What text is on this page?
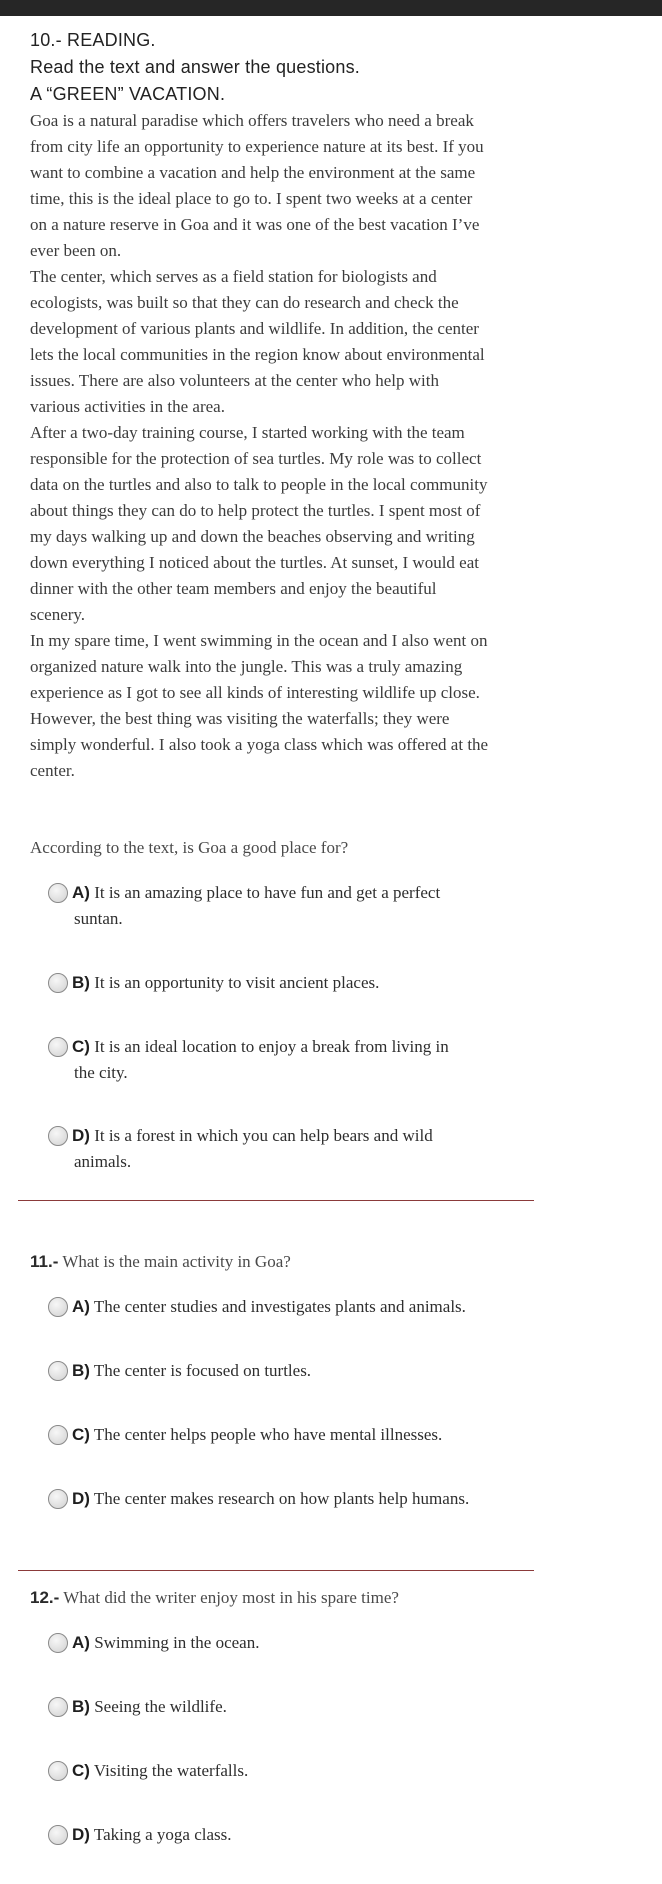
10.- READING.
Read the text and answer the questions.
A “GREEN” VACATION.

Goa is a natural paradise which offers travelers who need a break
from city life an opportunity to experience nature at its best. If you
want to combine a vacation and help the environment at the same
time, this is the ideal place to go to. I spent two weeks at a center
on a nature reserve in Goa and it was one of the best vacation I’ve
ever been on.

The center, which serves as a field station for biologists and
ecologists, was built so that they can do research and check the
development of various plants and wildlife. In addition, the center
lets the local communities in the region know about environmental
issues. There are also volunteers at the center who help with
various activities in the area.

After a two-day training course, I started working with the team
responsible for the protection of sea turtles. My role was to collect
data on the turtles and also to talk to people in the local community
about things they can do to help protect the turtles. I spent most of
my days walking up and down the beaches observing and writing
down everything I noticed about the turtles. At sunset, I would eat
dinner with the other team members and enjoy the beautiful
scenery.

In my spare time, I went swimming in the ocean and I also went on
organized nature walk into the jungle. This was a truly amazing
experience as I got to see all kinds of interesting wildlife up close.
However, the best thing was visiting the waterfalls; they were
simply wonderful. I also took a yoga class which was offered at the
center.

According to the text, is Goa a good place for?
A) It is an amazing place to have fun and get a perfect
suntan.
B) It is an opportunity to visit ancient places.
C) It is an ideal location to enjoy a break from living in
the city.
D) It is a forest in which you can help bears and wild
animals.
11.- What is the main activity in Goa?
A) The center studies and investigates plants and animals.
B) The center is focused on turtles.
C) The center helps people who have mental illnesses.
D) The center makes research on how plants help humans.
12.- What did the writer enjoy most in his spare time?
A) Swimming in the ocean.
B) Seeing the wildlife.
C) Visiting the waterfalls.
D) Taking a yoga class.
